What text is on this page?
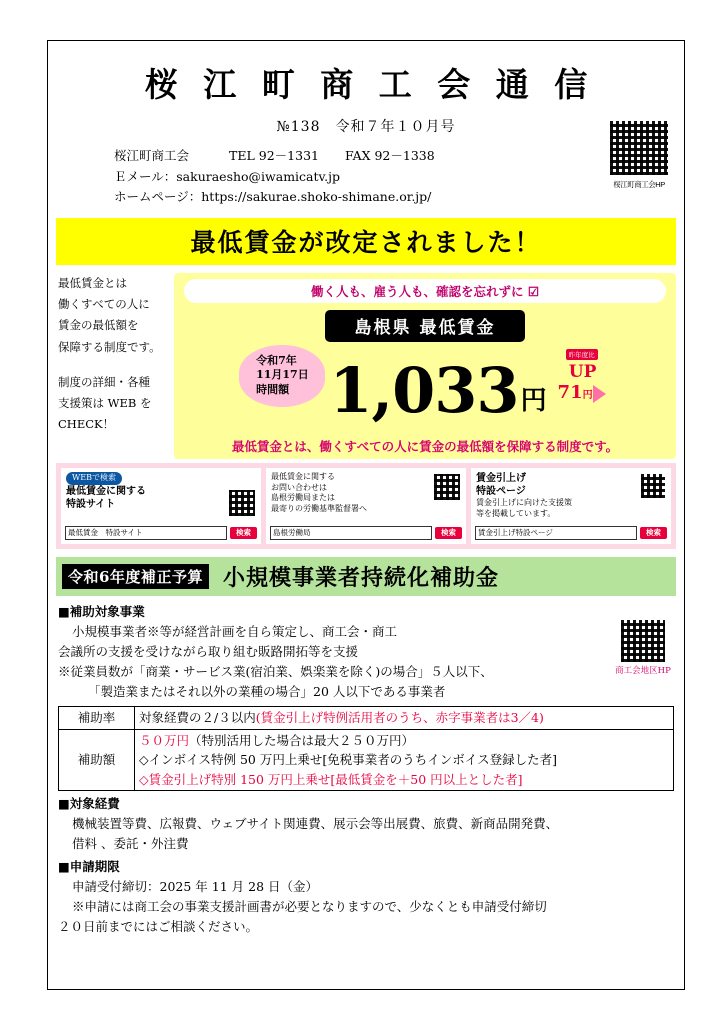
桜 江 町 商 工 会 通 信
№138　令和７年１０月号
桜江町商工会	TEL 92－1331 FAX 92－1338
Ｅメール：sakuraesho@iwamicatv.jp
ホームページ：https://sakurae.shoko-shimane.or.jp/
桜江町商工会HP
最低賃金が改定されました！
最低賃金とは
働くすべての人に
賃金の最低額を
保障する制度です。
制度の詳細・各種
支援策は WEB を
CHECK！
働く人も、雇う人も、確認を忘れずに ☑
島根県 最低賃金
令和7年
11月17日
時間額 1,033 円
昨年度比UP
71円
最低賃金とは、働くすべての人に賃金の最低額を保障する制度です。
WEBで検索
最低賃金に関する
特設サイト
最低賃金　特設サイト	検索
最低賃金に関する
お問い合わせは
島根労働局または
最寄りの労働基準監督署へ
島根労働局	検索
賃金引上げ
特設ページ
賃金引上げに向けた支援策
等を掲載しています。
賃金引上げ特設ページ	検索
令和6年度補正予算 小規模事業者持続化補助金
商工会地区HP
■補助対象事業
小規模事業者※等が経営計画を自ら策定し、商工会・商工
会議所の支援を受けながら取り組む販路開拓等を支援
※従業員数が「商業・サービス業(宿泊業、娯楽業を除く)の場合」５人以下、
「製造業またはそれ以外の業種の場合」20 人以下である事業者
補助率	対象経費の２/３以内(賃金引上げ特例活用者のうち、赤字事業者は3／4)
補助額	５０万円（特別活用した場合は最大２５０万円）
◇インボイス特例 50 万円上乗せ[免税事業者のうちインボイス登録した者]
◇賃金引上げ特別 150 万円上乗せ[最低賃金を＋50 円以上とした者]
■対象経費
機械装置等費、広報費、ウェブサイト関連費、展示会等出展費、旅費、新商品開発費、
借料 、委託・外注費
■申請期限
申請受付締切：2025 年 11 月 28 日（金）
※申請には商工会の事業支援計画書が必要となりますので、少なくとも申請受付締切
２０日前までにはご相談ください。
